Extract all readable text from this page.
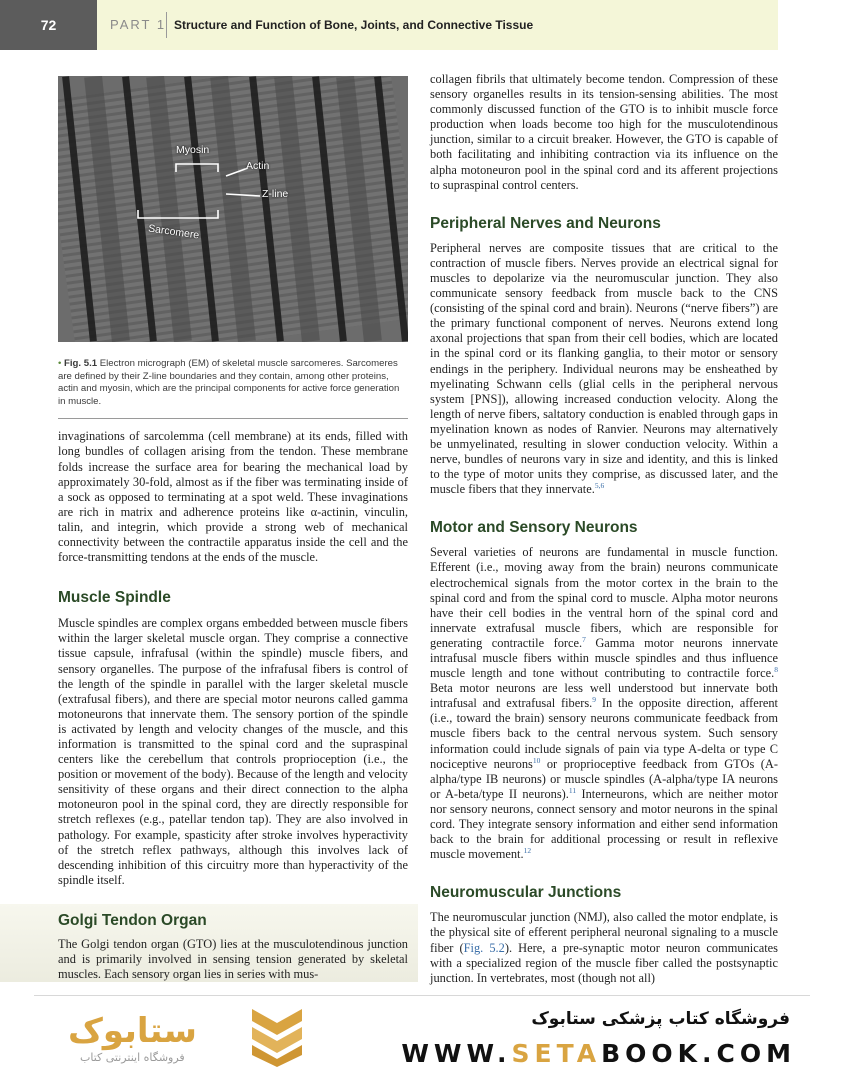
72	PART 1 Structure and Function of Bone, Joints, and Connective Tissue
Myosin
Actin
Z-line
Sarcomere
• Fig. 5.1 Electron micrograph (EM) of skeletal muscle sarcomeres. Sarcomeres are defined by their Z-line boundaries and they contain, among other proteins, actin and myosin, which are the principal components for active force generation in muscle.

invaginations of sarcolemma (cell membrane) at its ends, filled with long bundles of collagen arising from the tendon. These membrane folds increase the surface area for bearing the mechanical load by approximately 30-fold, almost as if the fiber was terminating inside of a sock as opposed to terminating at a spot weld. These invaginations are rich in matrix and adherence proteins like α-actinin, vinculin, talin, and integrin, which provide a strong web of mechanical connectivity between the contractile apparatus inside the cell and the force-transmitting tendons at the ends of the muscle.

Muscle Spindle

Muscle spindles are complex organs embedded between muscle fibers within the larger skeletal muscle organ. They comprise a connective tissue capsule, infrafusal (within the spindle) muscle fibers, and sensory organelles. The purpose of the infrafusal fibers is control of the length of the spindle in parallel with the larger skeletal muscle (extrafusal fibers), and there are special motor neurons called gamma motoneurons that innervate them. The sensory portion of the spindle is activated by length and velocity changes of the muscle, and this information is transmitted to the spinal cord and the supraspinal centers like the cerebellum that controls proprioception (i.e., the position or movement of the body). Because of the length and velocity sensitivity of these organs and their direct connection to the alpha motoneuron pool in the spinal cord, they are directly responsible for stretch reflexes (e.g., patellar tendon tap). They are also involved in pathology. For example, spasticity after stroke involves hyperactivity of the stretch reflex pathways, although this involves lack of descending inhibition of this circuitry more than hyperactivity of the spindle itself.

Golgi Tendon Organ

The Golgi tendon organ (GTO) lies at the musculotendinous junction and is primarily involved in sensing tension generated by skeletal muscles. Each sensory organ lies in series with mus-

collagen fibrils that ultimately become tendon. Compression of these sensory organelles results in its tension-sensing abilities. The most commonly discussed function of the GTO is to inhibit muscle force production when loads become too high for the musculotendinous junction, similar to a circuit breaker. However, the GTO is capable of both facilitating and inhibiting contraction via its influence on the alpha motoneuron pool in the spinal cord and its afferent projections to supraspinal control centers.

Peripheral Nerves and Neurons

Peripheral nerves are composite tissues that are critical to the contraction of muscle fibers. Nerves provide an electrical signal for muscles to depolarize via the neuromuscular junction. They also communicate sensory feedback from muscle back to the CNS (consisting of the spinal cord and brain). Neurons (“nerve fibers”) are the primary functional component of nerves. Neurons extend long axonal projections that span from their cell bodies, which are located in the spinal cord or its flanking ganglia, to their motor or sensory endings in the periphery. Individual neurons may be ensheathed by myelinating Schwann cells (glial cells in the peripheral nervous system [PNS]), allowing increased conduction velocity. Along the length of nerve fibers, saltatory conduction is enabled through gaps in myelination known as nodes of Ranvier. Neurons may alternatively be unmyelinated, resulting in slower conduction velocity. Within a nerve, bundles of neurons vary in size and identity, and this is linked to the type of motor units they comprise, as discussed later, and the muscle fibers that they innervate.$^{5,6}$

Motor and Sensory Neurons

Several varieties of neurons are fundamental in muscle function. Efferent (i.e., moving away from the brain) neurons communicate electrochemical signals from the motor cortex in the brain to the spinal cord and from the spinal cord to muscle. Alpha motor neurons have their cell bodies in the ventral horn of the spinal cord and innervate extrafusal muscle fibers, which are responsible for generating contractile force.$^7$ Gamma motor neurons innervate intrafusal muscle fibers within muscle spindles and thus influence muscle length and tone without contributing to contractile force.$^8$ Beta motor neurons are less well understood but innervate both intrafusal and extrafusal fibers.$^9$ In the opposite direction, afferent (i.e., toward the brain) sensory neurons communicate feedback from muscle fibers back to the central nervous system. Such sensory information could include signals of pain via type A-delta or type C nociceptive neurons$^{10}$ or proprioceptive feedback from GTOs (A-alpha/type IB neurons) or muscle spindles (A-alpha/type IA neurons or A-beta/type II neurons).$^{11}$ Interneurons, which are neither motor nor sensory neurons, connect sensory and motor neurons in the spinal cord. They integrate sensory information and either send information back to the brain for additional processing or result in reflexive muscle movement.$^{12}$

Neuromuscular Junctions

The neuromuscular junction (NMJ), also called the motor endplate, is the physical site of efferent peripheral neuronal signaling to a muscle fiber (Fig. 5.2). Here, a pre-synaptic motor neuron communicates with a specialized region of the muscle fiber called the postsynaptic junction. In vertebrates, most (though not all)

ستابوک
فروشگاه اینترنتی کتاب
فروشگاه کتاب پزشکی ستابوک
WWW.SETABOOK.COM
